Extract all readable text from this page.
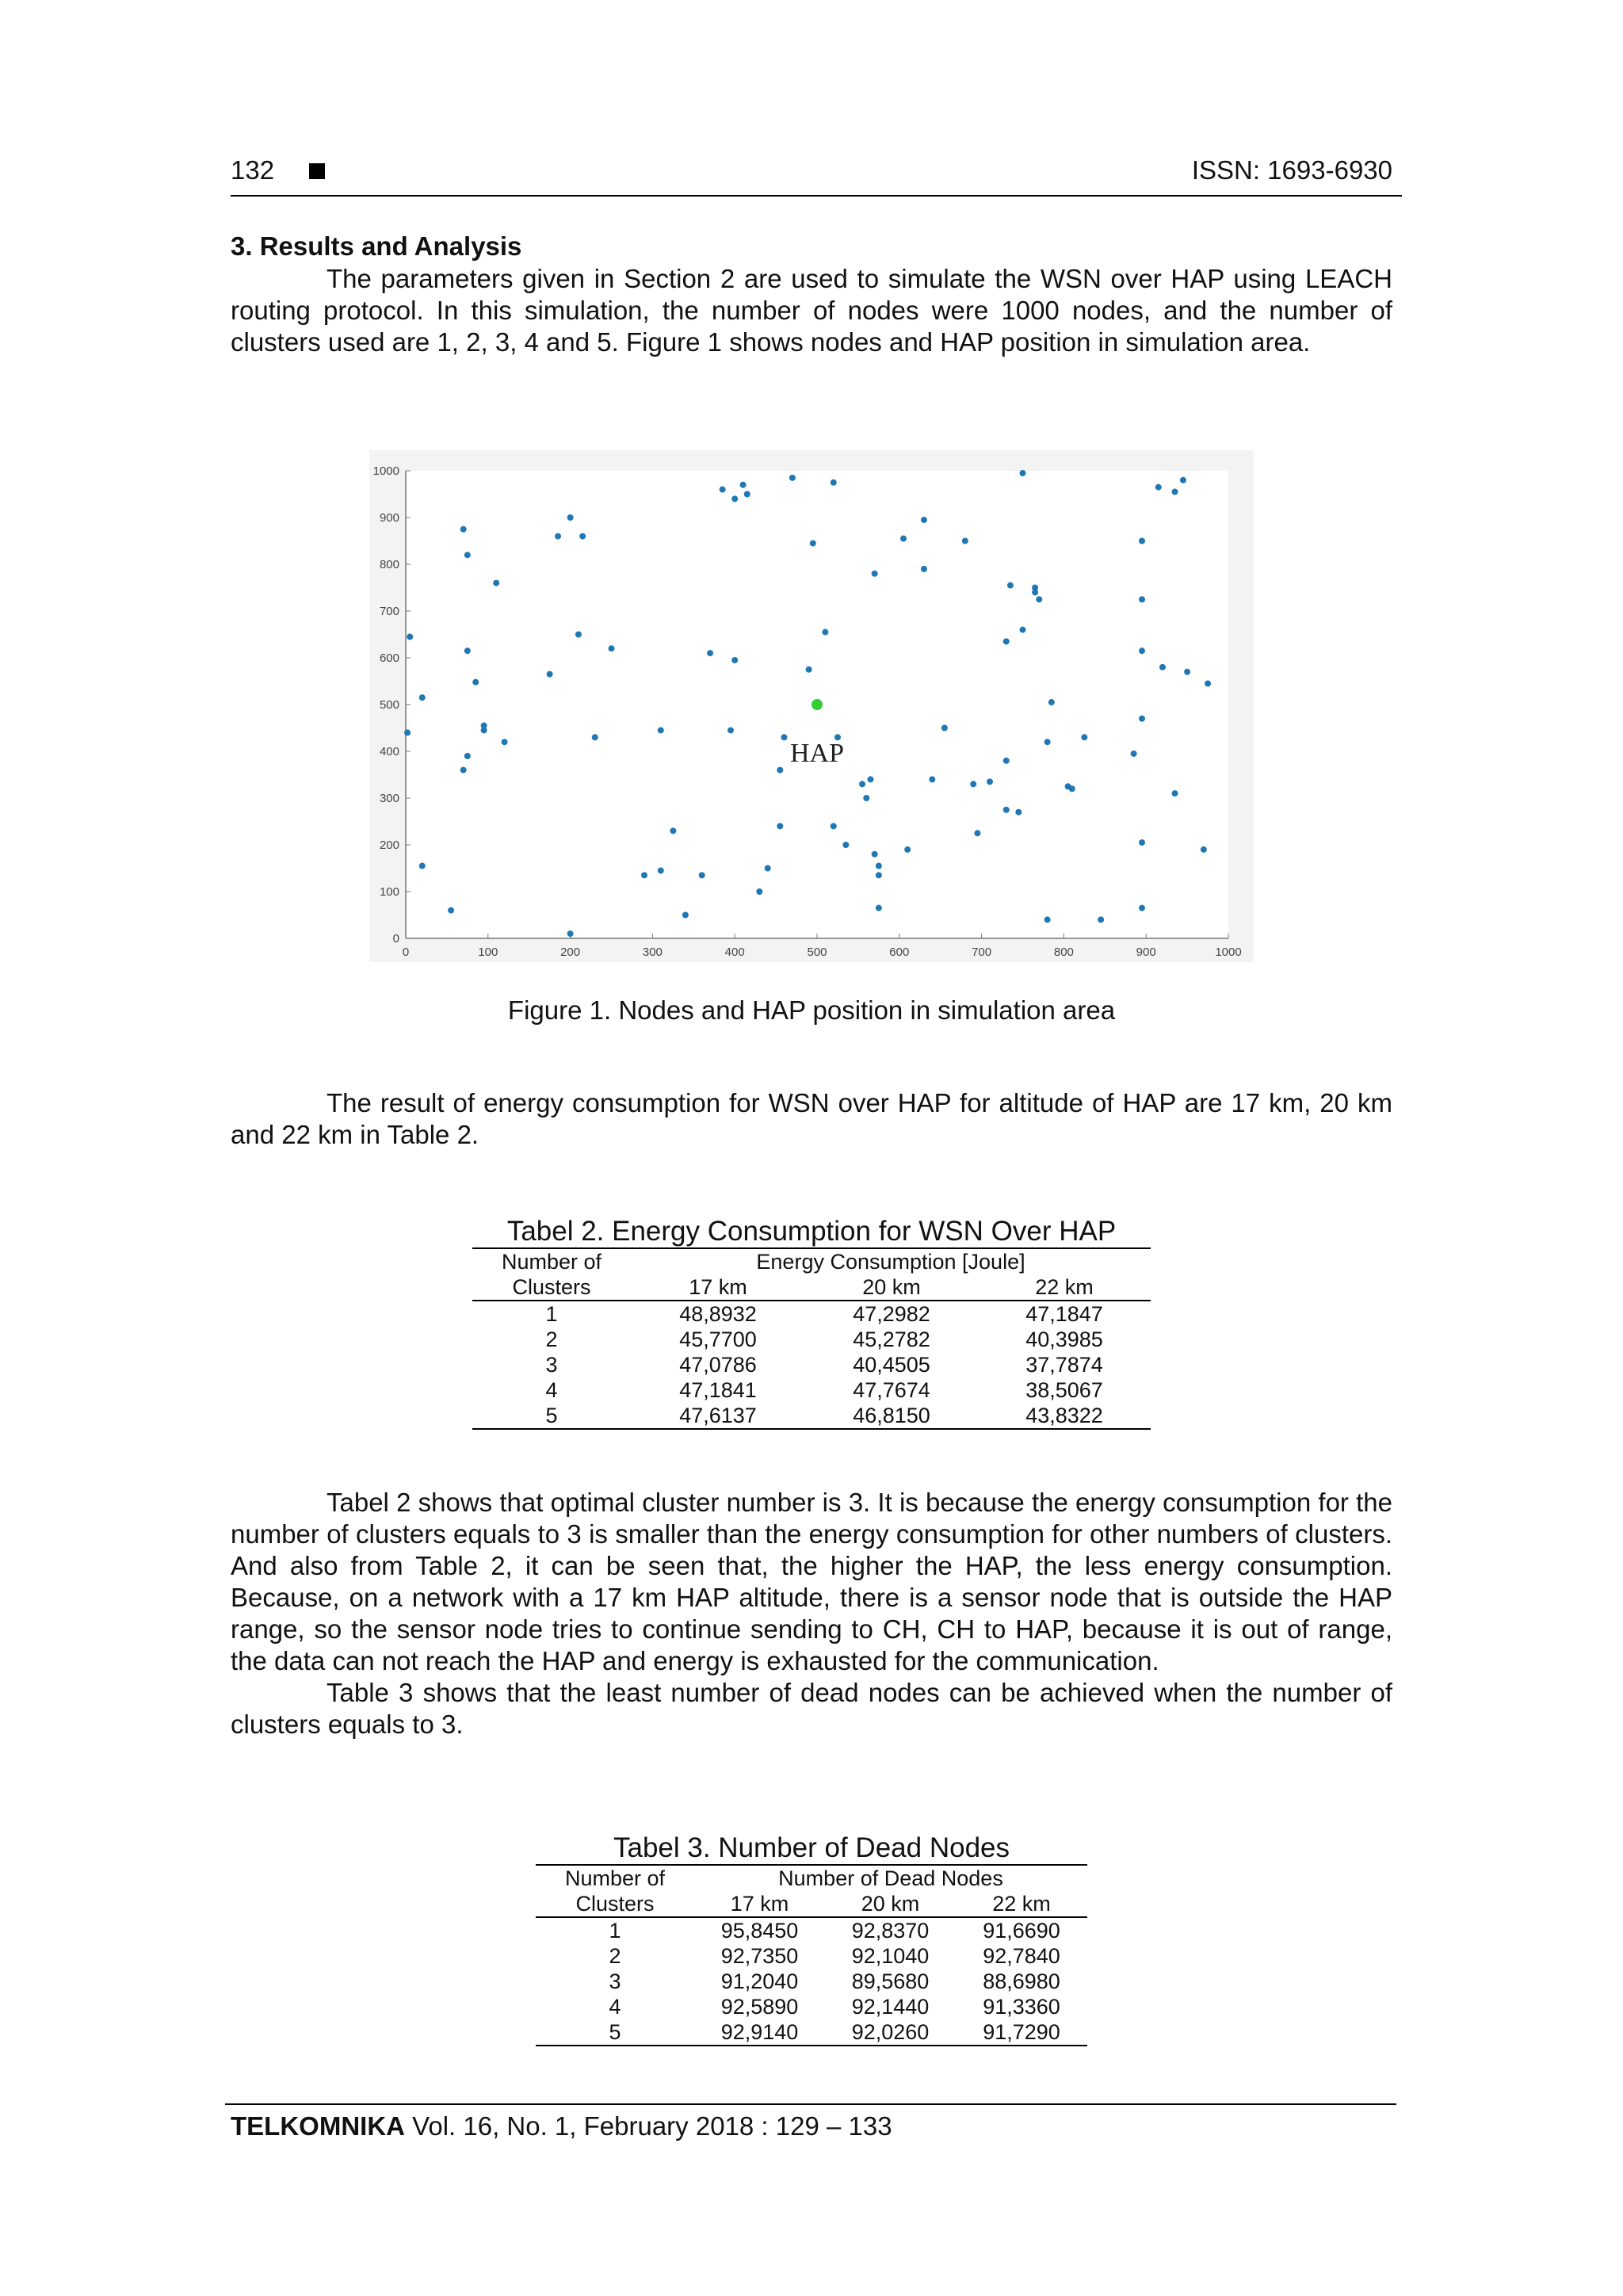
132	ISSN: 1693-6930
3. Results and Analysis

The parameters given in Section 2 are used to simulate the WSN over HAP using LEACH routing protocol. In this simulation, the number of nodes were 1000 nodes, and the number of clusters used are 1, 2, 3, 4 and 5. Figure 1 shows nodes and HAP position in simulation area.

0	100	200	300	400	500	600	700	800	900	1000
0
100
200
300
400
500
600
700
800
900
1000
HAP
Figure 1. Nodes and HAP position in simulation area

The result of energy consumption for WSN over HAP for altitude of HAP are 17 km, 20 km and 22 km in Table 2.

Tabel 2. Energy Consumption for WSN Over HAP
Number of	Energy Consumption [Joule]		
Clusters	17 km	20 km	22 km
1	48,8932	47,2982	47,1847
2	45,7700	45,2782	40,3985
3	47,0786	40,4505	37,7874
4	47,1841	47,7674	38,5067
5	47,6137	46,8150	43,8322

Tabel 2 shows that optimal cluster number is 3. It is because the energy consumption for the number of clusters equals to 3 is smaller than the energy consumption for other numbers of clusters. And also from Table 2, it can be seen that, the higher the HAP, the less energy consumption. Because, on a network with a 17 km HAP altitude, there is a sensor node that is outside the HAP range, so the sensor node tries to continue sending to CH, CH to HAP, because it is out of range, the data can not reach the HAP and energy is exhausted for the communication.

Table 3 shows that the least number of dead nodes can be achieved when the number of clusters equals to 3.

Tabel 3. Number of Dead Nodes
Number of	Number of Dead Nodes		
Clusters	17 km	20 km	22 km
1	95,8450	92,8370	91,6690
2	92,7350	92,1040	92,7840
3	91,2040	89,5680	88,6980
4	92,5890	92,1440	91,3360
5	92,9140	92,0260	91,7290
TELKOMNIKA Vol. 16, No. 1, February 2018 : 129 – 133
